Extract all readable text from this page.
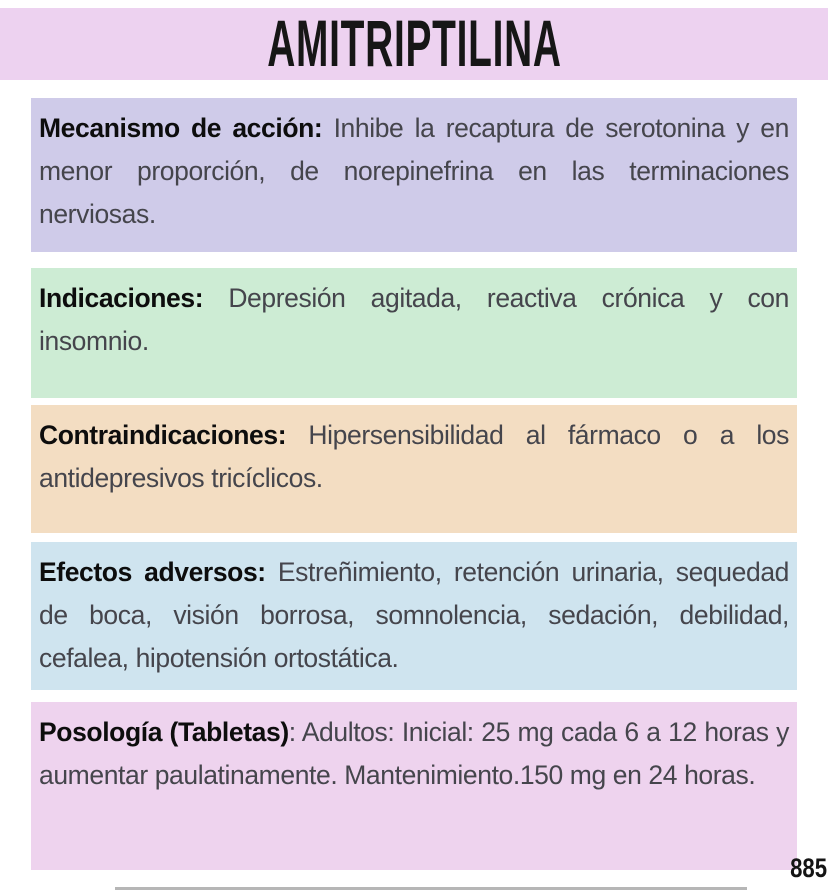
AMITRIPTILINA
Mecanismo de acción: Inhibe la recaptura de serotonina y en menor proporción, de norepinefrina en las terminaciones nerviosas.
Indicaciones: Depresión agitada, reactiva crónica y con insomnio.
Contraindicaciones: Hipersensibilidad al fármaco o a los antidepresivos tricíclicos.
Efectos adversos: Estreñimiento, retención urinaria, sequedad de boca, visión borrosa, somnolencia, sedación, debilidad, cefalea, hipotensión ortostática.
Posología (Tabletas): Adultos: Inicial: 25 mg cada 6 a 12 horas y aumentar paulatinamente. Mantenimiento.150 mg en 24 horas.
885
